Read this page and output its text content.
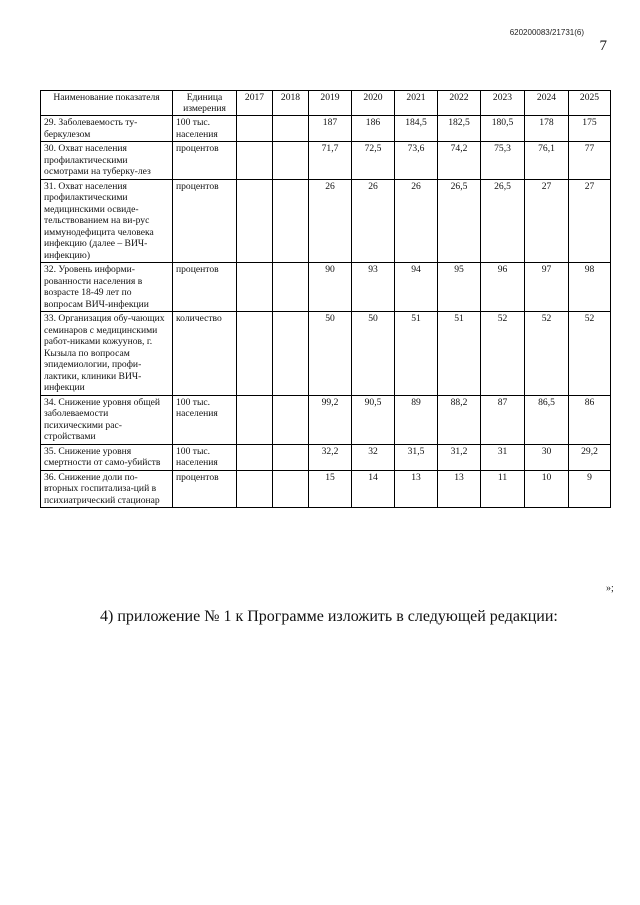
620200083/21731(6)
7
Наименование показателя	Единица измерения	2017	2018	2019	2020	2021	2022	2023	2024	2025
29. Заболеваемость ту-беркулезом	100 тыс. населения			187	186	184,5	182,5	180,5	178	175
30. Охват населения профилактическими осмотрами на туберку-лез	процентов			71,7	72,5	73,6	74,2	75,3	76,1	77
31. Охват населения профилактическими медицинскими освиде-тельствованием на ви-рус иммунодефицита человека инфекцию (далее – ВИЧ-инфекцию)	процентов			26	26	26	26,5	26,5	27	27
32. Уровень информи-рованности населения в возрасте 18-49 лет по вопросам ВИЧ-инфекции	процентов			90	93	94	95	96	97	98
33. Организация обу-чающих семинаров с медицинскими работ-никами кожуунов, г. Кызыла по вопросам эпидемиологии, профи-лактики, клиники ВИЧ-инфекции	количество			50	50	51	51	52	52	52
34. Снижение уровня общей заболеваемости психическими рас-стройствами	100 тыс. населения			99,2	90,5	89	88,2	87	86,5	86
35. Снижение уровня смертности от само-убийств	100 тыс. населения			32,2	32	31,5	31,2	31	30	29,2
36. Снижение доли по-вторных госпитализа-ций в психиатрический стационар	процентов			15	14	13	13	11	10	9
»;
4) приложение № 1 к Программе изложить в следующей редакции:
